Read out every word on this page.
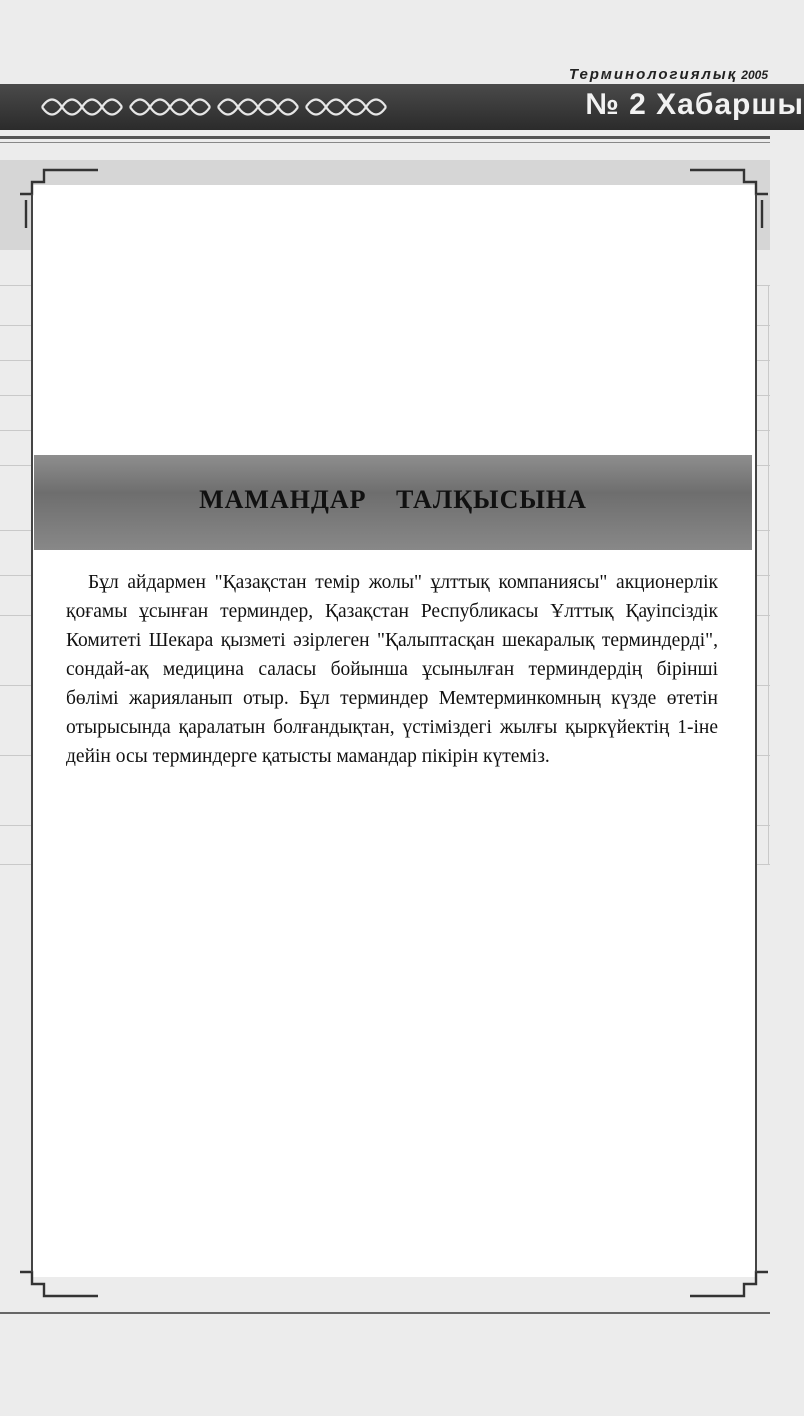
Терминологиялық 2005
№ 2 Хабаршы
МАМАНДАР ТАЛҚЫСЫНА
Бұл айдармен "Қазақстан темір жолы" ұлттық компаниясы" акционерлік қоғамы ұсынған терминдер, Қазақстан Республикасы Ұлттық Қауіпсіздік Комитеті Шекара қызметі әзірлеген "Қалыптасқан шекаралық терминдерді", сондай-ақ медицина саласы бойынша ұсынылған терминдердің бірінші бөлімі жарияланып отыр. Бұл терминдер Мемтерминкомның күзде өтетін отырысында қаралатын болғандықтан, үстіміздегі жылғы қыркүйектің 1-іне дейін осы терминдерге қатысты мамандар пікірін күтеміз.
